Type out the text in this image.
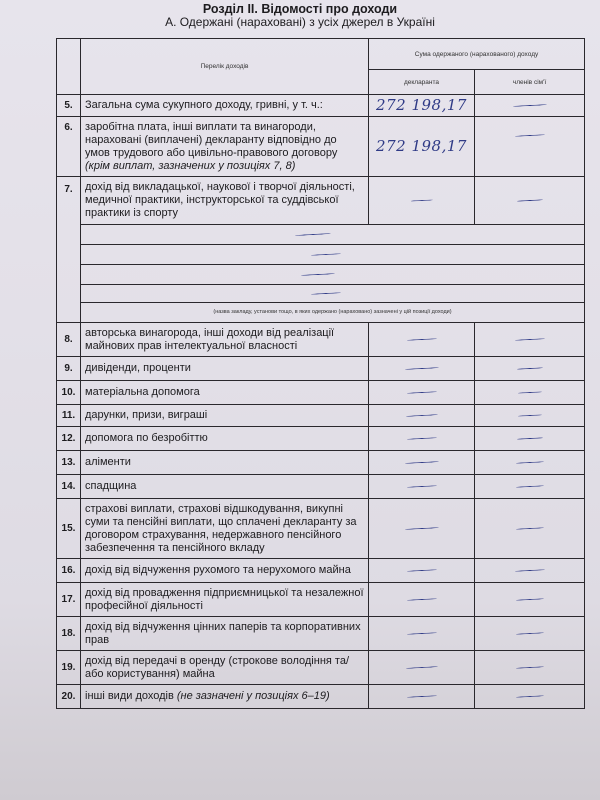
Розділ ІІ. Відомості про доходи
А. Одержані (нараховані) з усіх джерел в Україні
	Перелік доходів	Сума одержаного (нарахованого) доходу	
		декларанта	членів сім'ї
5.	Загальна сума сукупного доходу, гривні, у т. ч.:	272 198,17	

6.	заробітна плата, інші виплати та винагороди, нараховані (виплачені) декларанту відповідно до умов трудового або цивільно-правового договору (крім виплат, зазначених у позиціях 7, 8)	272 198,17	

7.	дохід від викладацької, наукової і творчої діяльності, медичної практики, інструкторської та суддівської практики із спорту	

	(назва закладу, установи тощо, в яких одержано (нараховано) зазначені у цій позиції доходи)		
8.	авторська винагорода, інші доходи від реалізації майнових прав інтелектуальної власності	

9.	дивіденди, проценти	

10.	матеріальна допомога	

11.	дарунки, призи, виграші	

12.	допомога по безробіттю	

13.	аліменти	

14.	спадщина	

15.	страхові виплати, страхові відшкодування, викупні суми та пенсійні виплати, що сплачені декларанту за договором страхування, недержавного пенсійного забезпечення та пенсійного вкладу	

16.	дохід від відчуження рухомого та нерухомого майна	

17.	дохід від провадження підприємницької та незалежної професійної діяльності	

18.	дохід від відчуження цінних паперів та корпоративних прав	

19.	дохід від передачі в оренду (строкове володіння та/або користування) майна	

20.	інші види доходів (не зазначені у позиціях 6–19)	
